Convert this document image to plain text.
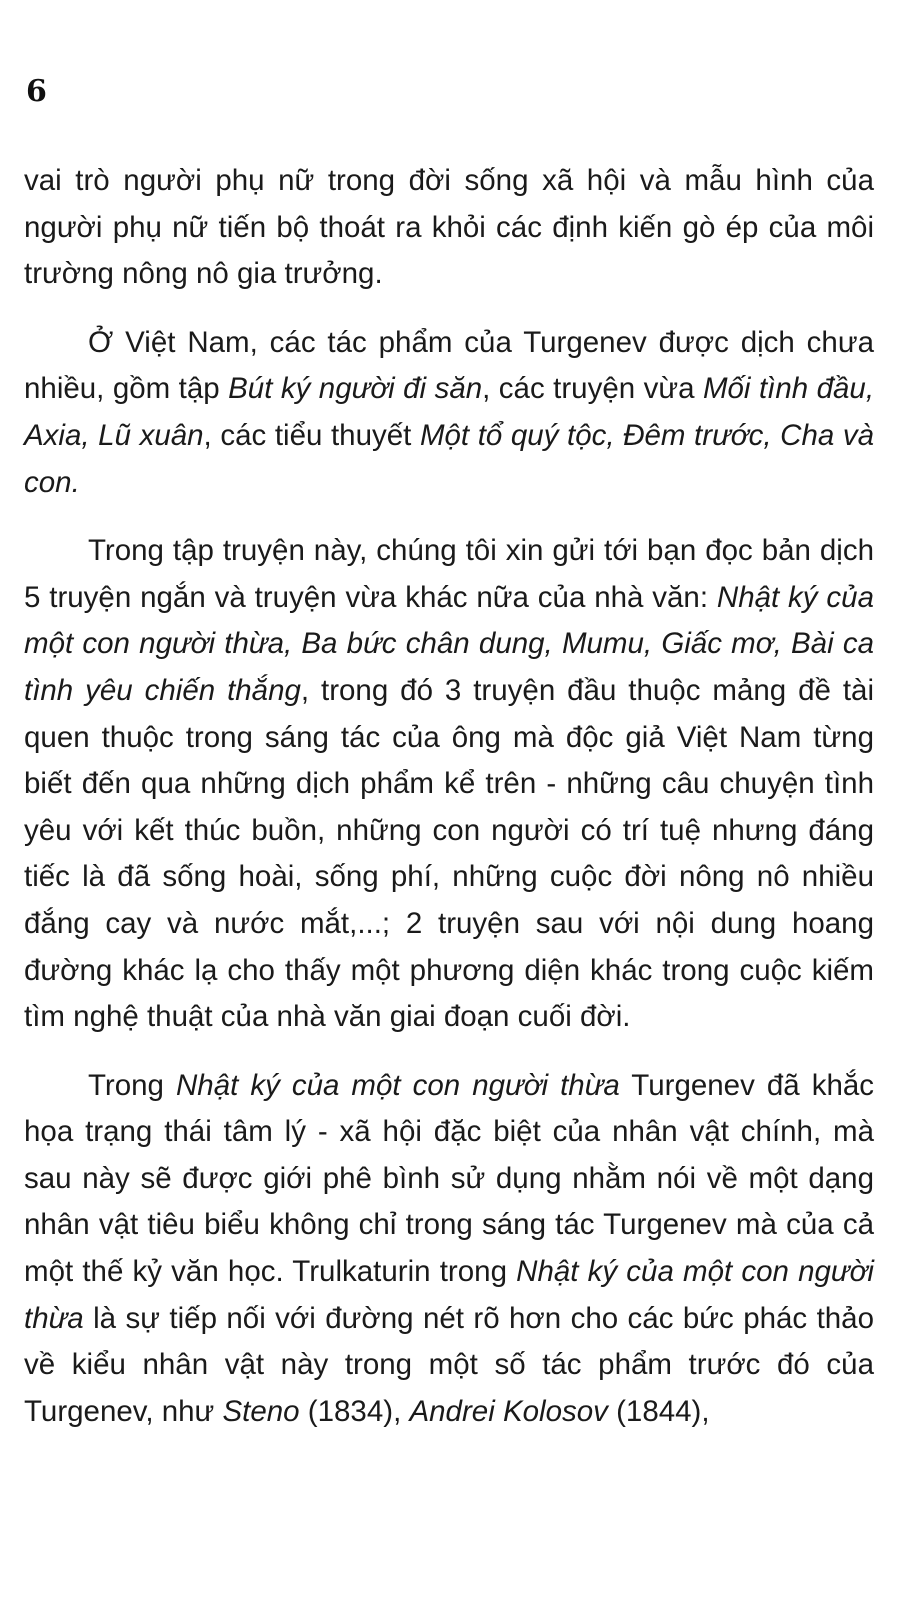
6

vai trò người phụ nữ trong đời sống xã hội và mẫu hình của người phụ nữ tiến bộ thoát ra khỏi các định kiến gò ép của môi trường nông nô gia trưởng.

Ở Việt Nam, các tác phẩm của Turgenev được dịch chưa nhiều, gồm tập Bút ký người đi săn, các truyện vừa Mối tình đầu, Axia, Lũ xuân, các tiểu thuyết Một tổ quý tộc, Đêm trước, Cha và con.

Trong tập truyện này, chúng tôi xin gửi tới bạn đọc bản dịch 5 truyện ngắn và truyện vừa khác nữa của nhà văn: Nhật ký của một con người thừa, Ba bức chân dung, Mumu, Giấc mơ, Bài ca tình yêu chiến thắng, trong đó 3 truyện đầu thuộc mảng đề tài quen thuộc trong sáng tác của ông mà độc giả Việt Nam từng biết đến qua những dịch phẩm kể trên - những câu chuyện tình yêu với kết thúc buồn, những con người có trí tuệ nhưng đáng tiếc là đã sống hoài, sống phí, những cuộc đời nông nô nhiều đắng cay và nước mắt,...; 2 truyện sau với nội dung hoang đường khác lạ cho thấy một phương diện khác trong cuộc kiếm tìm nghệ thuật của nhà văn giai đoạn cuối đời.

Trong Nhật ký của một con người thừa Turgenev đã khắc họa trạng thái tâm lý - xã hội đặc biệt của nhân vật chính, mà sau này sẽ được giới phê bình sử dụng nhằm nói về một dạng nhân vật tiêu biểu không chỉ trong sáng tác Turgenev mà của cả một thế kỷ văn học. Trulkaturin trong Nhật ký của một con người thừa là sự tiếp nối với đường nét rõ hơn cho các bức phác thảo về kiểu nhân vật này trong một số tác phẩm trước đó của Turgenev, như Steno (1834), Andrei Kolosov (1844),
